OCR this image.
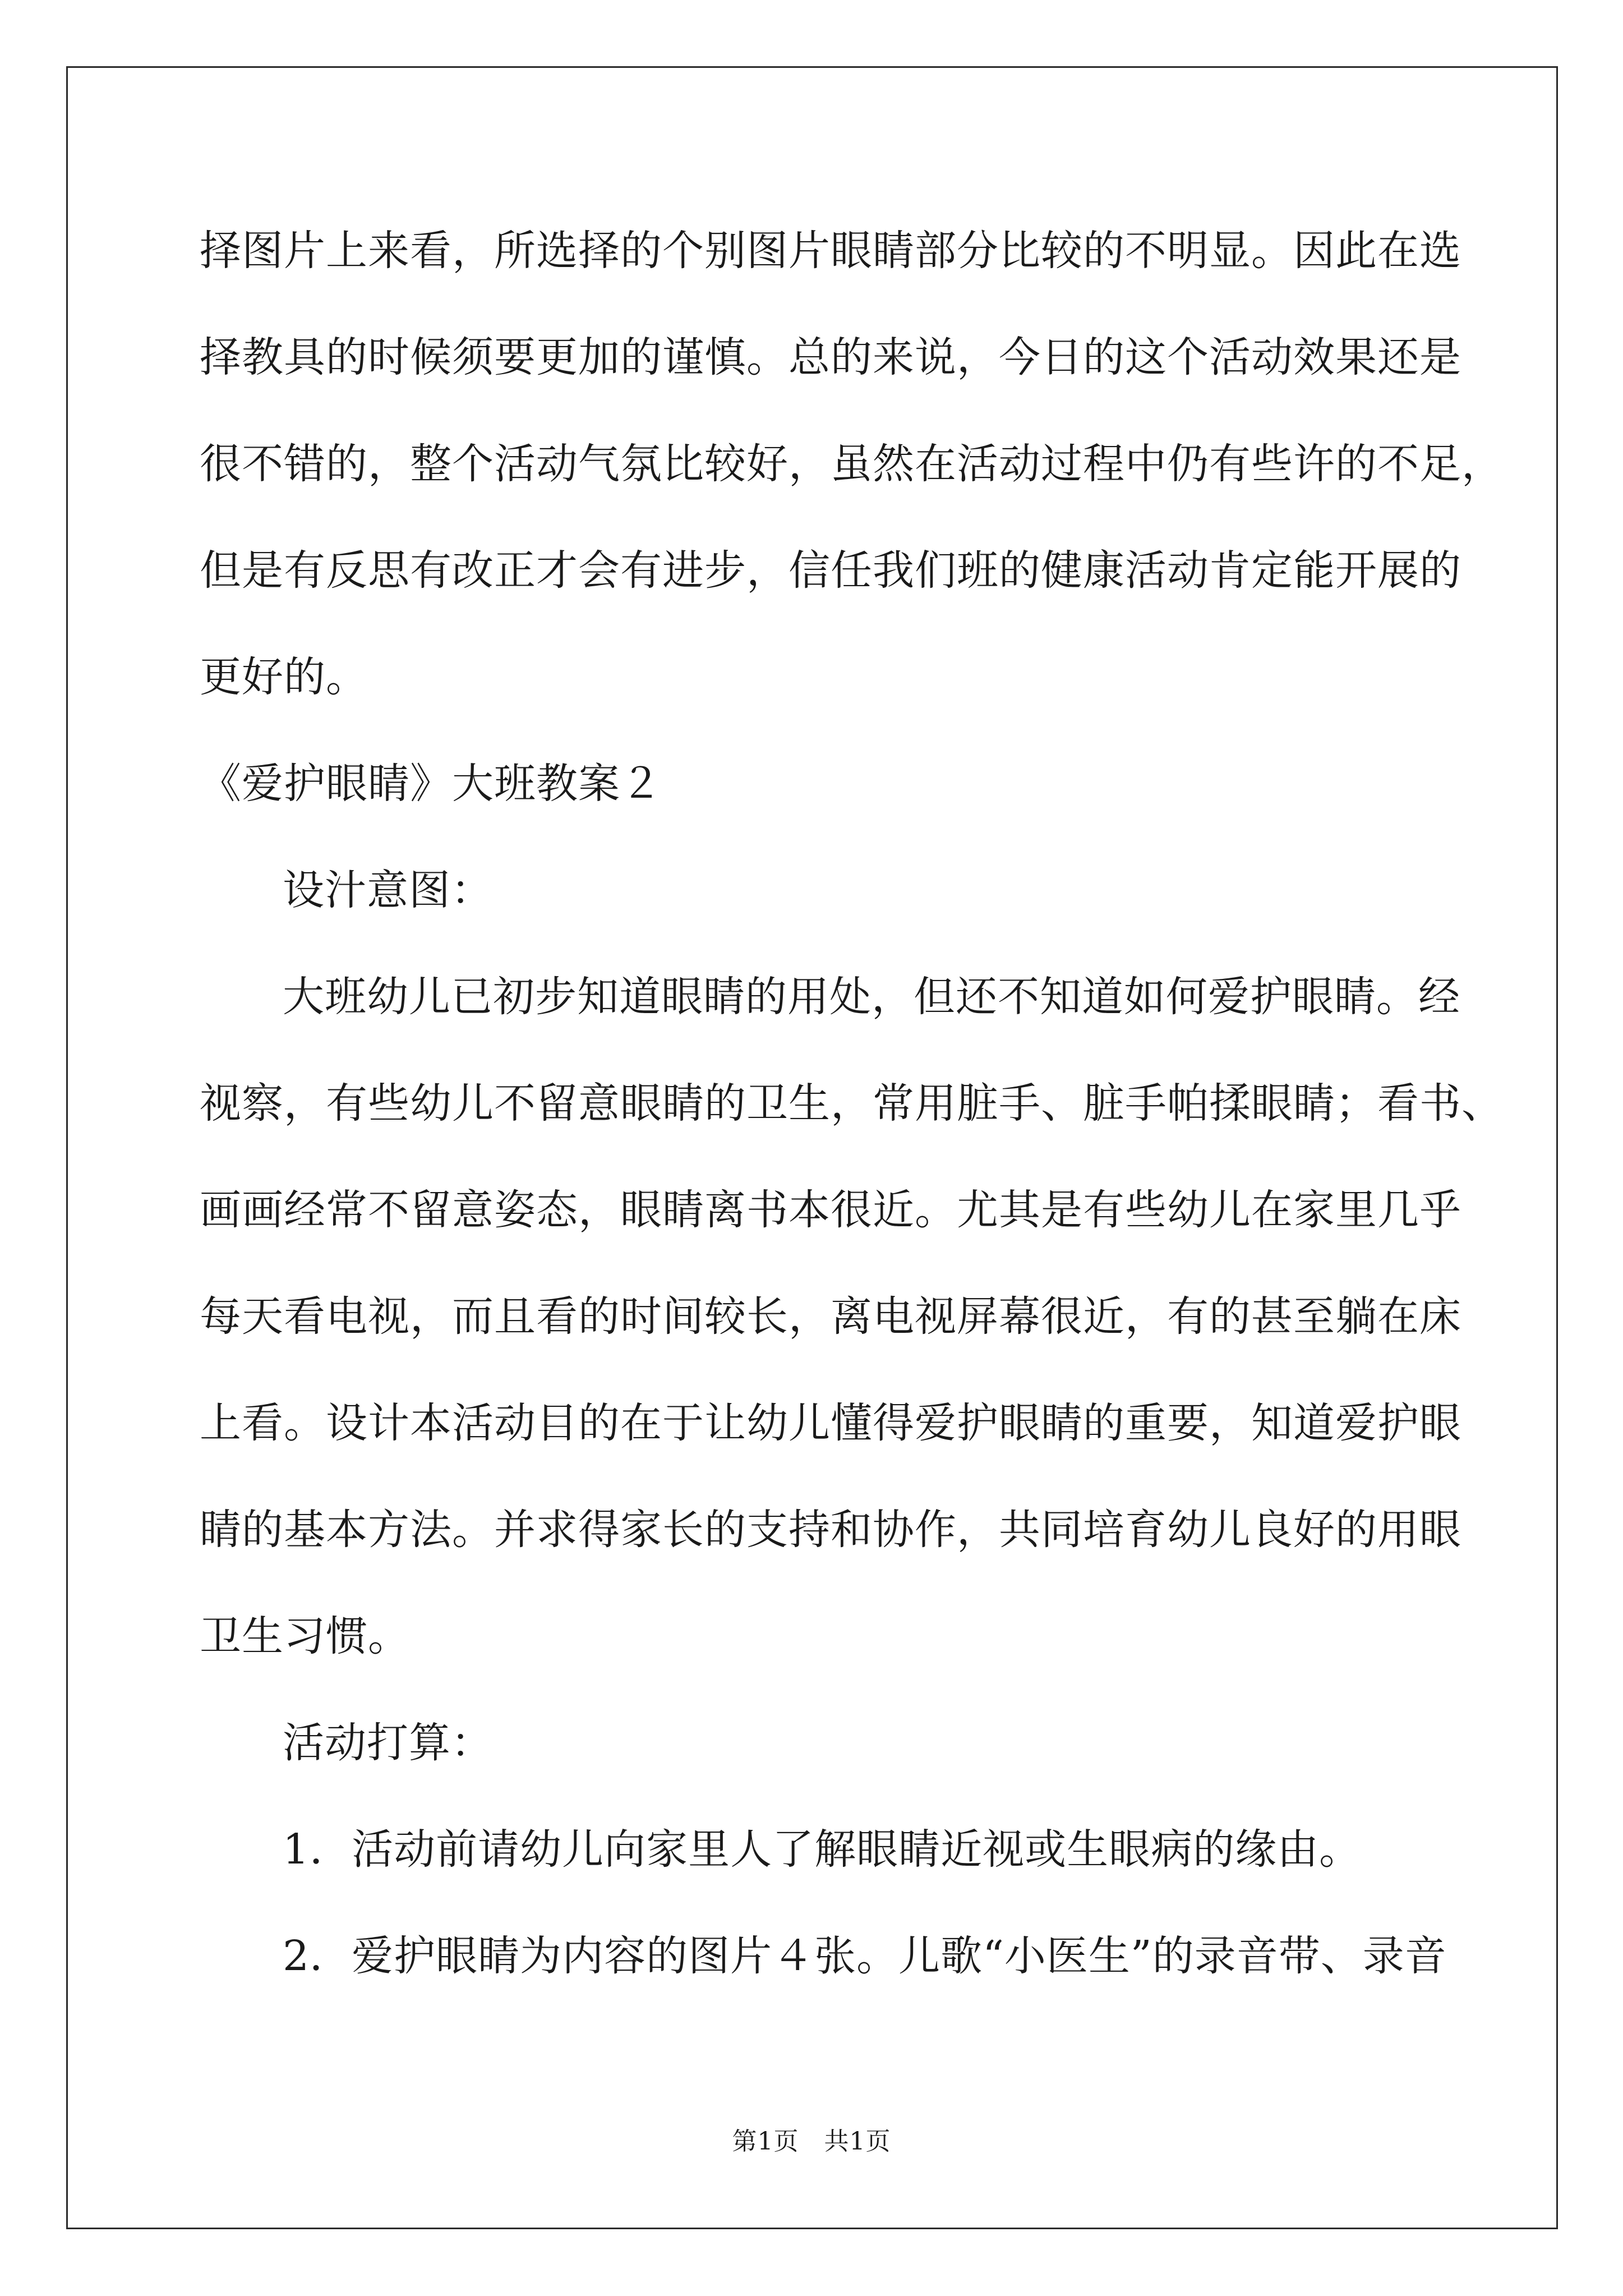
择图片上来看，所选择的个别图片眼睛部分比较的不明显。因此在选
择教具的时候须要更加的谨慎。总的来说，今日的这个活动效果还是
很不错的，整个活动气氛比较好，虽然在活动过程中仍有些许的不足，
但是有反思有改正才会有进步，信任我们班的健康活动肯定能开展的
更好的。
《爱护眼睛》大班教案２
设汁意图：
大班幼儿已初步知道眼睛的用处，但还不知道如何爱护眼睛。经
视察，有些幼儿不留意眼睛的卫生，常用脏手、脏手帕揉眼睛；看书、
画画经常不留意姿态，眼睛离书本很近。尤其是有些幼儿在家里几乎
每天看电视，而且看的时间较长，离电视屏幕很近，有的甚至躺在床
上看。设计本活动目的在于让幼儿懂得爱护眼睛的重要，知道爱护眼
睛的基本方法。并求得家长的支持和协作，共同培育幼儿良好的用眼
卫生习惯。
活动打算：
1．活动前请幼儿向家里人了解眼睛近视或生眼病的缘由。
2．爱护眼睛为内容的图片４张。儿歌“小医生”的录音带、录音
第1页   共1页
